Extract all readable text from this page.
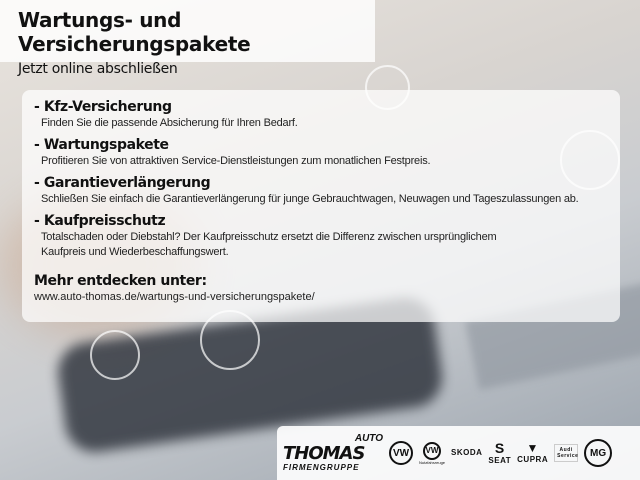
Wartungs- und Versicherungspakete
Jetzt online abschließen
- Kfz-Versicherung

Finden Sie die passende Absicherung für Ihren Bedarf.

- Wartungspakete

Profitieren Sie von attraktiven Service-Dienstleistungen zum monatlichen Festpreis.

- Garantieverlängerung

Schließen Sie einfach die Garantieverlängerung für junge Gebrauchtwagen, Neuwagen und Tageszulassungen ab.

- Kaufpreisschutz

Totalschaden oder Diebstahl? Der Kaufpreisschutz ersetzt die Differenz zwischen ursprünglichem Kaufpreis und Wiederbeschaffungswert.

Mehr entdecken unter:
www.auto-thomas.de/wartungs-und-versicherungspakete/
AUTO
THOMAS
FIRMENGRUPPE
VW	VW
Nutzfahrzeuge
SKODA S
SEAT
▼
CUPRA
Audi Service	MG
